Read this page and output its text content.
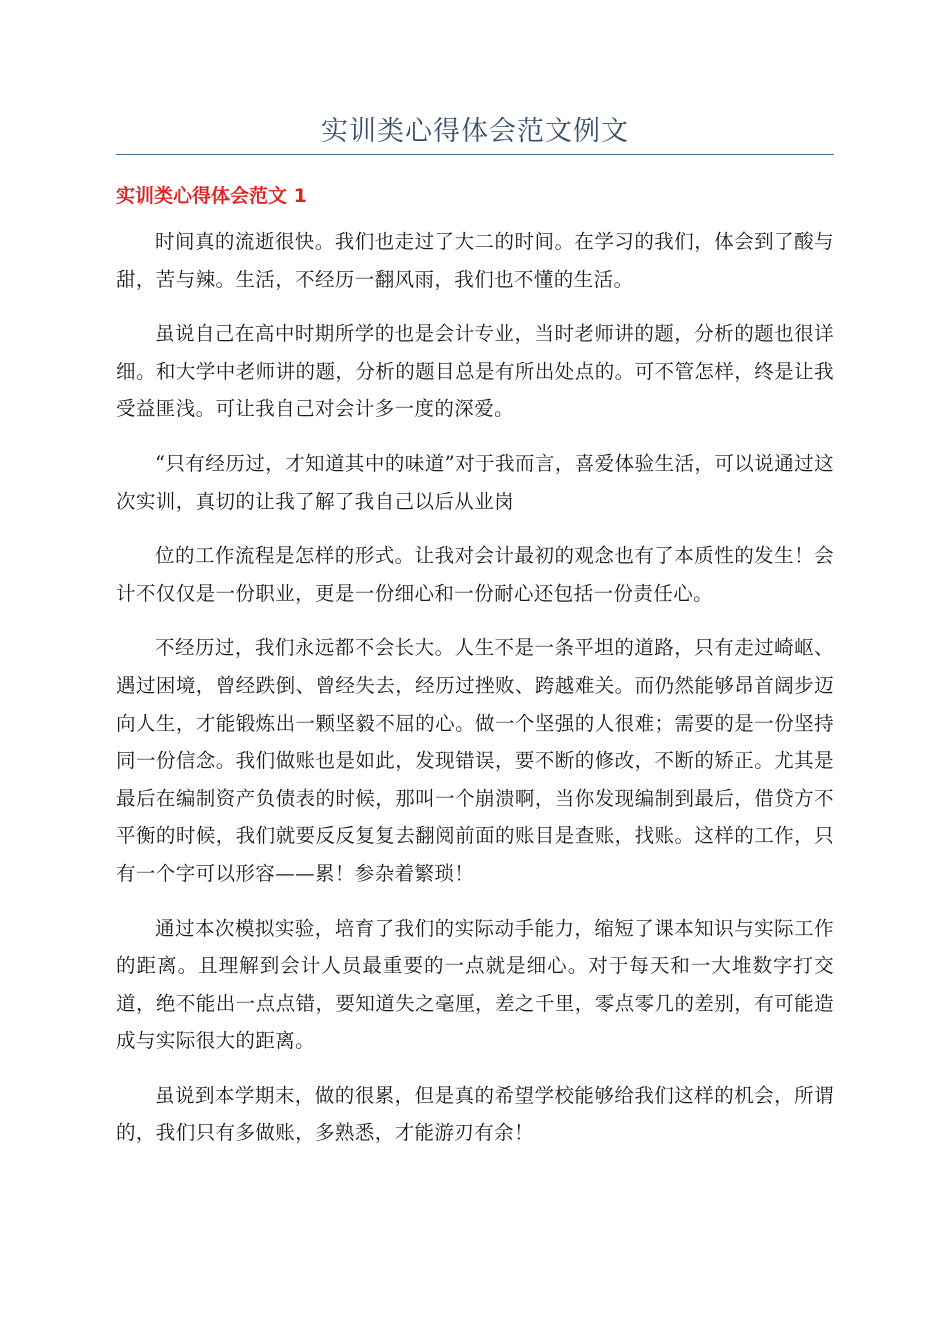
实训类心得体会范文例文
实训类心得体会范文 1

时间真的流逝很快。我们也走过了大二的时间。在学习的我们，体会到了酸与甜，苦与辣。生活，不经历一翻风雨，我们也不懂的生活。

虽说自己在高中时期所学的也是会计专业，当时老师讲的题，分析的题也很详细。和大学中老师讲的题，分析的题目总是有所出处点的。可不管怎样，终是让我受益匪浅。可让我自己对会计多一度的深爱。

“只有经历过，才知道其中的味道”对于我而言，喜爱体验生活，可以说通过这次实训，真切的让我了解了我自己以后从业岗

位的工作流程是怎样的形式。让我对会计最初的观念也有了本质性的发生！会计不仅仅是一份职业，更是一份细心和一份耐心还包括一份责任心。

不经历过，我们永远都不会长大。人生不是一条平坦的道路，只有走过崎岖、遇过困境，曾经跌倒、曾经失去，经历过挫败、跨越难关。而仍然能够昂首阔步迈向人生，才能锻炼出一颗坚毅不屈的心。做一个坚强的人很难；需要的是一份坚持同一份信念。我们做账也是如此，发现错误，要不断的修改，不断的矫正。尤其是最后在编制资产负债表的时候，那叫一个崩溃啊，当你发现编制到最后，借贷方不平衡的时候，我们就要反反复复去翻阅前面的账目是查账，找账。这样的工作，只有一个字可以形容——累！参杂着繁琐！

通过本次模拟实验，培育了我们的实际动手能力，缩短了课本知识与实际工作的距离。且理解到会计人员最重要的一点就是细心。对于每天和一大堆数字打交道，绝不能出一点点错，要知道失之毫厘，差之千里，零点零几的差别，有可能造成与实际很大的距离。

虽说到本学期末，做的很累，但是真的希望学校能够给我们这样的机会，所谓的，我们只有多做账，多熟悉，才能游刃有余！
